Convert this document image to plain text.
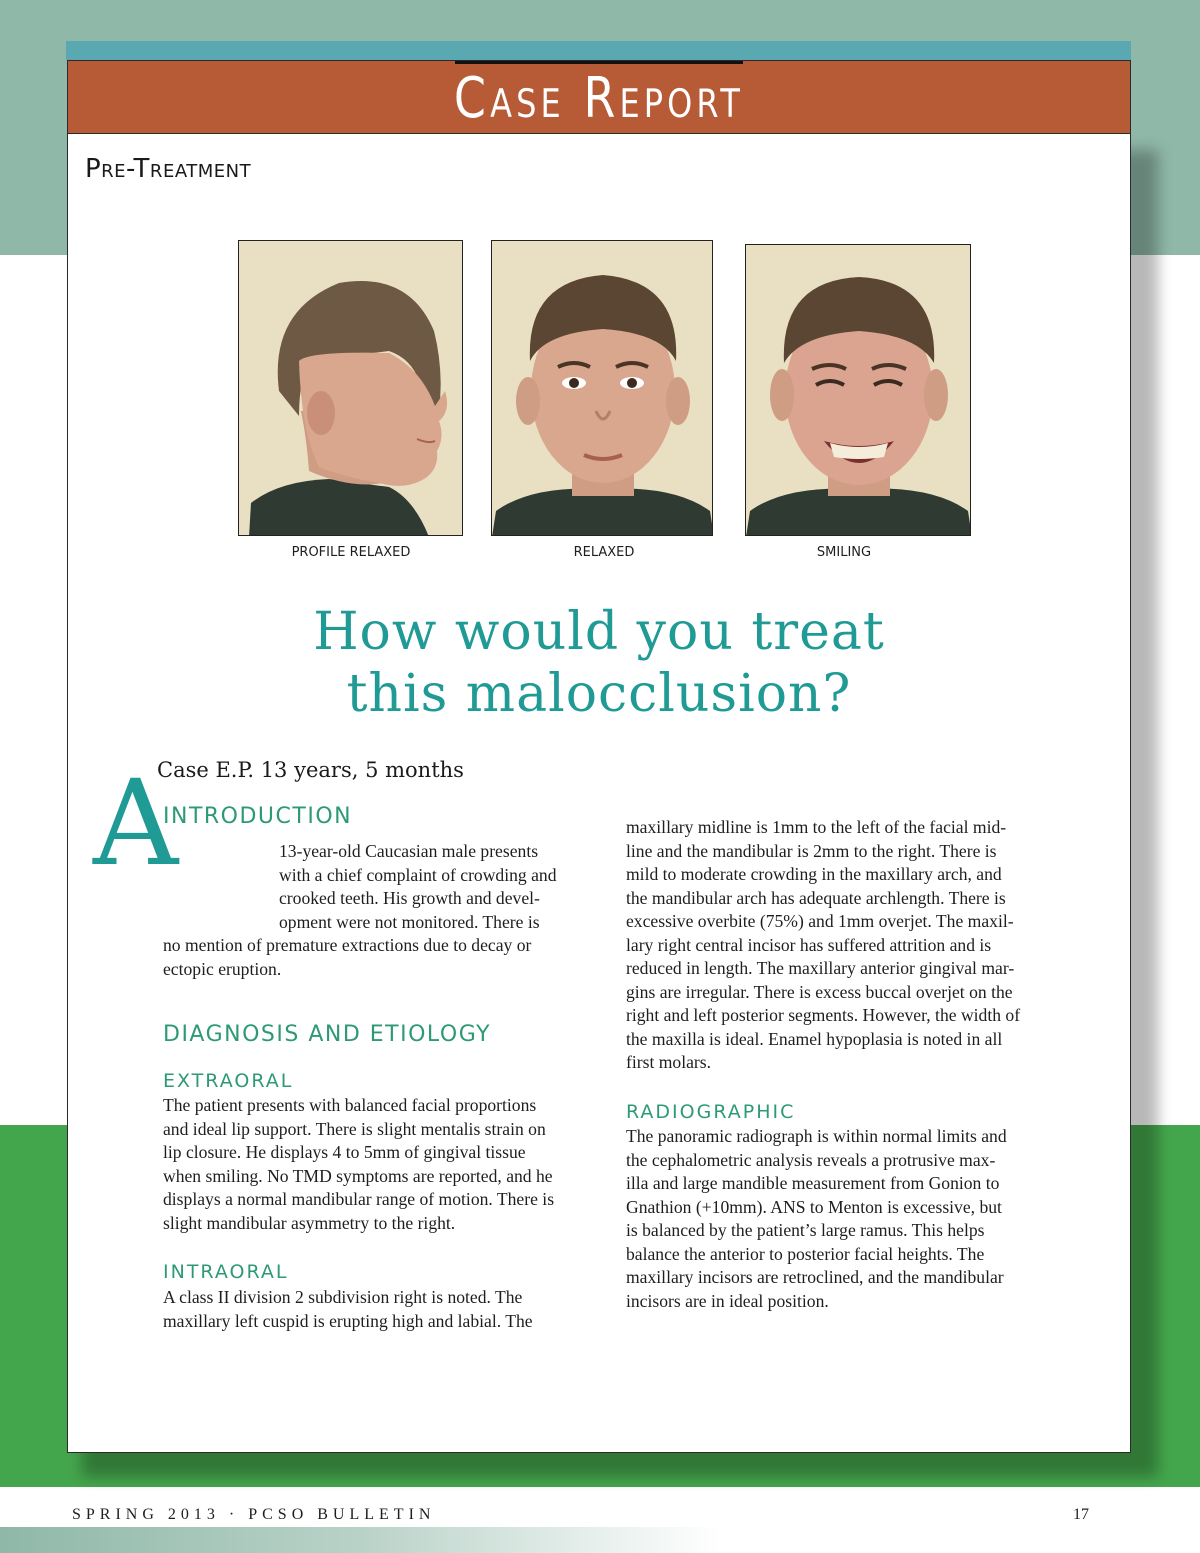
Case Report
Pre-Treatment
PROFILE RELAXED	RELAXED	SMILING
How would you treat
this malocclusion?
Case E.P. 13 years, 5 months
INTRODUCTION
A	13-year-old Caucasian male presents
with a chief complaint of crowding and
crooked teeth. His growth and devel-
opment were not monitored. There is
no mention of premature extractions due to decay or
ectopic eruption.
DIAGNOSIS AND ETIOLOGY
EXTRAORAL
The patient presents with balanced facial proportions
and ideal lip support. There is slight mentalis strain on
lip closure. He displays 4 to 5mm of gingival tissue
when smiling. No TMD symptoms are reported, and he
displays a normal mandibular range of motion. There is
slight mandibular asymmetry to the right.
INTRAORAL
A class II division 2 subdivision right is noted. The
maxillary left cuspid is erupting high and labial. The
maxillary midline is 1mm to the left of the facial mid-
line and the mandibular is 2mm to the right. There is
mild to moderate crowding in the maxillary arch, and
the mandibular arch has adequate archlength. There is
excessive overbite (75%) and 1mm overjet. The maxil-
lary right central incisor has suffered attrition and is
reduced in length. The maxillary anterior gingival mar-
gins are irregular. There is excess buccal overjet on the
right and left posterior segments. However, the width of
the maxilla is ideal. Enamel hypoplasia is noted in all
first molars.
RADIOGRAPHIC
The panoramic radiograph is within normal limits and
the cephalometric analysis reveals a protrusive max-
illa and large mandible measurement from Gonion to
Gnathion (+10mm). ANS to Menton is excessive, but
is balanced by the patient’s large ramus. This helps
balance the anterior to posterior facial heights. The
maxillary incisors are retroclined, and the mandibular
incisors are in ideal position.
SPRING 2013 · PCSO BULLETIN	17
